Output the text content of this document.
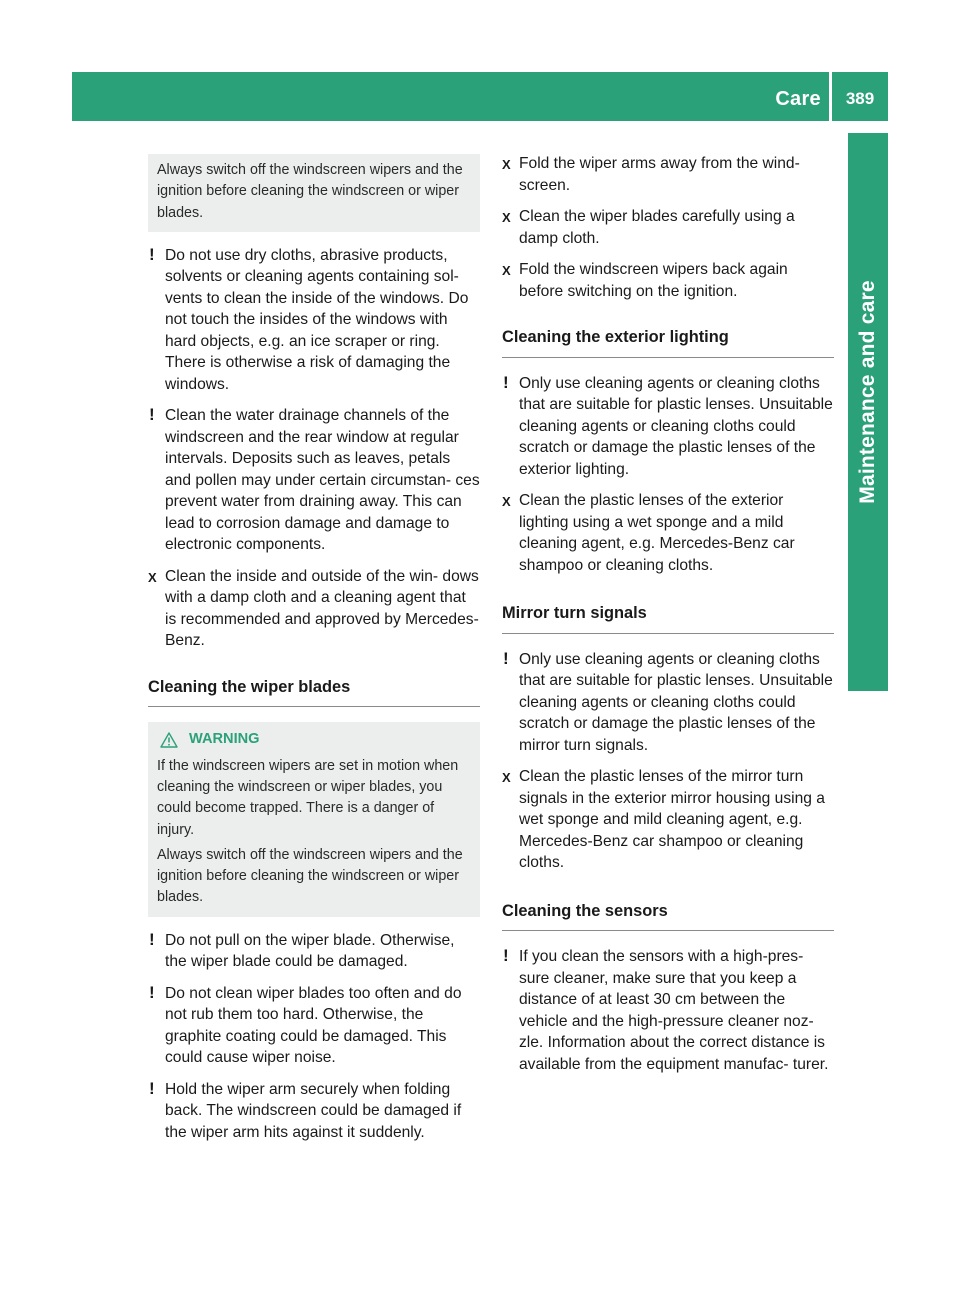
Care	389
Maintenance and care

Always switch off the windscreen wipers and the ignition before cleaning the windscreen or wiper blades.

! Do not use dry cloths, abrasive products, solvents or cleaning agents containing sol- vents to clean the inside of the windows. Do not touch the insides of the windows with hard objects, e.g. an ice scraper or ring. There is otherwise a risk of damaging the windows.
! Clean the water drainage channels of the windscreen and the rear window at regular intervals. Deposits such as leaves, petals and pollen may under certain circumstan- ces prevent water from draining away. This can lead to corrosion damage and damage to electronic components.
X Clean the inside and outside of the win- dows with a damp cloth and a cleaning agent that is recommended and approved by Mercedes-Benz.
Cleaning the wiper blades
WARNING

If the windscreen wipers are set in motion when cleaning the windscreen or wiper blades, you could become trapped. There is a danger of injury.

Always switch off the windscreen wipers and the ignition before cleaning the windscreen or wiper blades.

! Do not pull on the wiper blade. Otherwise, the wiper blade could be damaged.
! Do not clean wiper blades too often and do not rub them too hard. Otherwise, the graphite coating could be damaged. This could cause wiper noise.
! Hold the wiper arm securely when folding back. The windscreen could be damaged if the wiper arm hits against it suddenly.
X Fold the wiper arms away from the wind- screen.
X Clean the wiper blades carefully using a damp cloth.
X Fold the windscreen wipers back again before switching on the ignition.
Cleaning the exterior lighting
! Only use cleaning agents or cleaning cloths that are suitable for plastic lenses. Unsuitable cleaning agents or cleaning cloths could scratch or damage the plastic lenses of the exterior lighting.
X Clean the plastic lenses of the exterior lighting using a wet sponge and a mild cleaning agent, e.g. Mercedes-Benz car shampoo or cleaning cloths.
Mirror turn signals
! Only use cleaning agents or cleaning cloths that are suitable for plastic lenses. Unsuitable cleaning agents or cleaning cloths could scratch or damage the plastic lenses of the mirror turn signals.
X Clean the plastic lenses of the mirror turn signals in the exterior mirror housing using a wet sponge and mild cleaning agent, e.g. Mercedes-Benz car shampoo or cleaning cloths.
Cleaning the sensors
! If you clean the sensors with a high-pres- sure cleaner, make sure that you keep a distance of at least 30 cm between the vehicle and the high-pressure cleaner noz- zle. Information about the correct distance is available from the equipment manufac- turer.
